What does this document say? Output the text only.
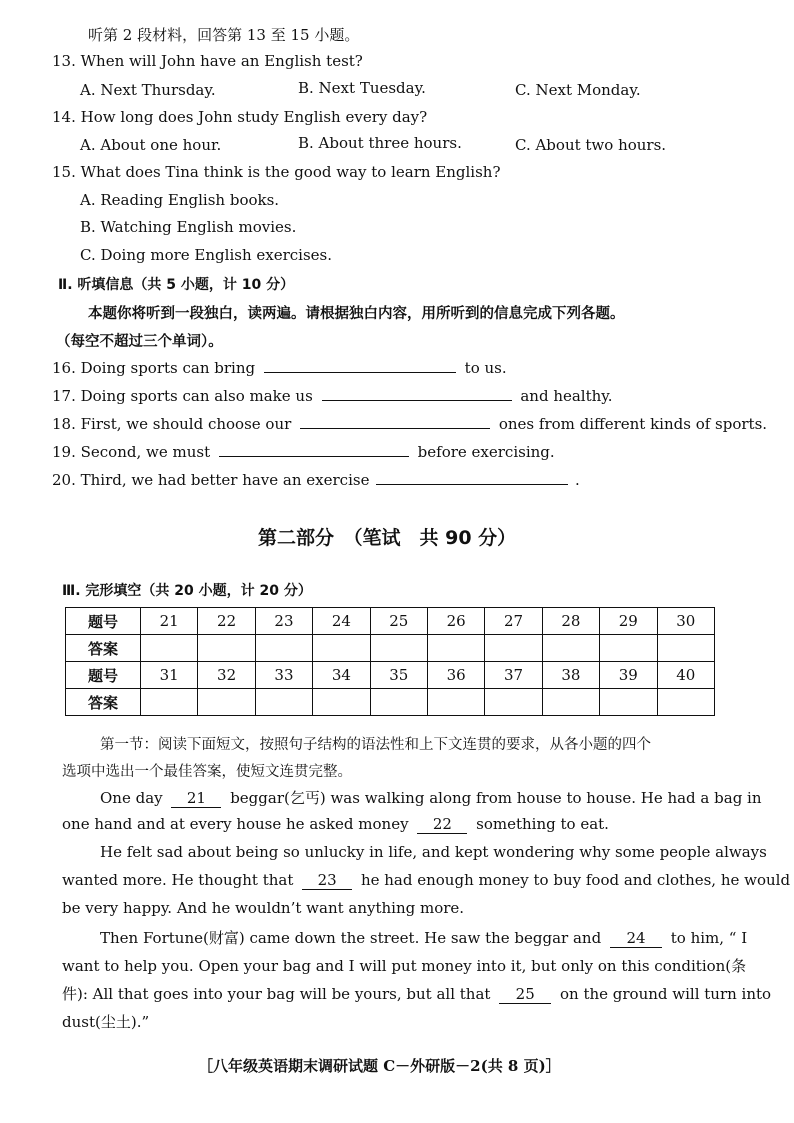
听第 2 段材料，回答第 13 至 15 小题。
13. When will John have an English test?
A. Next Thursday.	B. Next Tuesday.	C. Next Monday.
14. How long does John study English every day?
A. About one hour.	B. About three hours.	C. About two hours.
15. What does Tina think is the good way to learn English?
A. Reading English books.
B. Watching English movies.
C. Doing more English exercises.
Ⅱ. 听填信息（共 5 小题，计 10 分）
本题你将听到一段独白，读两遍。请根据独白内容，用所听到的信息完成下列各题。
（每空不超过三个单词）。
16. Doing sports can bring	to us.
17. Doing sports can also make us	and healthy.
18. First, we should choose our	ones from different kinds of sports.
19. Second, we must	before exercising.
20. Third, we had better have an exercise	.
第二部分　（笔试　共 90 分）
Ⅲ. 完形填空（共 20 小题，计 20 分）
题号	21	22	23	24	25	26	27	28	29	30
答案										
题号	31	32	33	34	35	36	37	38	39	40
答案										
第一节：阅读下面短文，按照句子结构的语法性和上下文连贯的要求，从各小题的四个
选项中选出一个最佳答案，使短文连贯完整。
One day 21 beggar(乞丐) was walking along from house to house. He had a bag in
one hand and at every house he asked money 22 something to eat.
He felt sad about being so unlucky in life, and kept wondering why some people always
wanted more. He thought that 23 he had enough money to buy food and clothes, he would
be very happy. And he wouldn’t want anything more.
Then Fortune(财富) came down the street. He saw the beggar and 24 to him, “ I
want to help you. Open your bag and I will put money into it, but only on this condition(条
件): All that goes into your bag will be yours, but all that 25 on the ground will turn into
dust(尘土).”
［八年级英语期末调研试题 C－外研版－2(共 8 页)］
